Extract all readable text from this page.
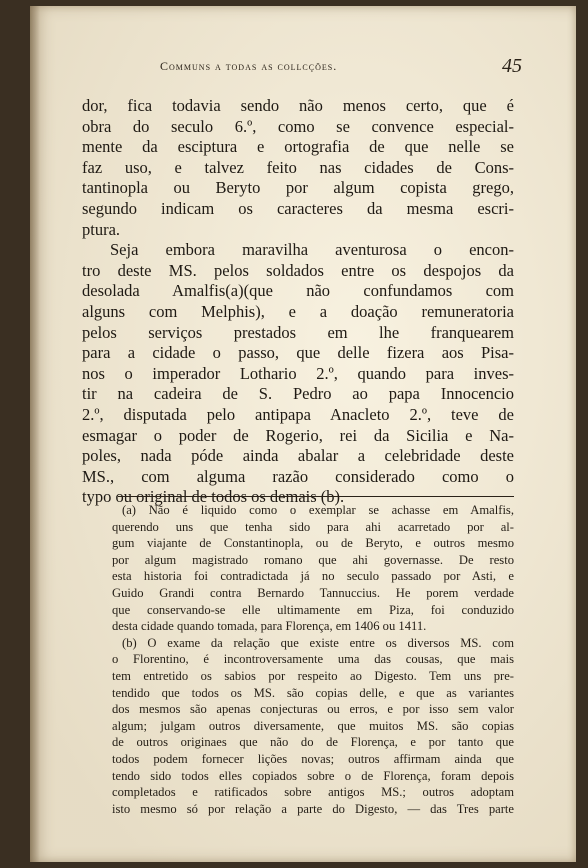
Communs a todas as collcções.	45
dor, fica todavia sendo não menos certo, que é
obra do seculo 6.º, como se convence especial-
mente da esciptura e ortografia de que nelle se
faz uso, e talvez feito nas cidades de Cons-
tantinopla ou Beryto por algum copista grego,
segundo indicam os caracteres da mesma escri-
ptura.
Seja embora maravilha aventurosa o encon-
tro deste MS. pelos soldados entre os despojos da
desolada Amalfis(a)(que não confundamos com
alguns com Melphis), e a doação remuneratoria
pelos serviços prestados em lhe franquearem
para a cidade o passo, que delle fizera aos Pisa-
nos o imperador Lothario 2.º, quando para inves-
tir na cadeira de S. Pedro ao papa Innocencio
2.º, disputada pelo antipapa Anacleto 2.º, teve de
esmagar o poder de Rogerio, rei da Sicilia e Na-
poles, nada póde ainda abalar a celebridade deste
MS., com alguma razão considerado como o
typo ou original de todos os demais (b).
(a) Não é liquido como o exemplar se achasse em Amalfis,
querendo uns que tenha sido para ahi acarretado por al-
gum viajante de Constantinopla, ou de Beryto, e outros mesmo
por algum magistrado romano que ahi governasse. De resto
esta historia foi contradictada já no seculo passado por Asti, e
Guido Grandi contra Bernardo Tannuccius. He porem verdade
que conservando-se elle ultimamente em Piza, foi conduzido
desta cidade quando tomada, para Florença, em 1406 ou 1411.
(b) O exame da relação que existe entre os diversos MS. com
o Florentino, é incontroversamente uma das cousas, que mais
tem entretido os sabios por respeito ao Digesto. Tem uns pre-
tendido que todos os MS. são copias delle, e que as variantes
dos mesmos são apenas conjecturas ou erros, e por isso sem valor
algum; julgam outros diversamente, que muitos MS. são copias
de outros originaes que não do de Florença, e por tanto que
todos podem fornecer lições novas; outros affirmam ainda que
tendo sido todos elles copiados sobre o de Florença, foram depois
completados e ratificados sobre antigos MS.; outros adoptam
isto mesmo só por relação a parte do Digesto, — das Tres parte
